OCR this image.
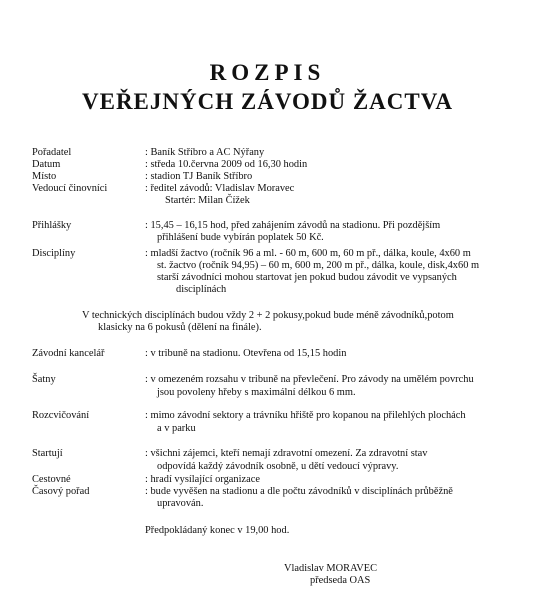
ROZPIS
VEŘEJNÝCH ZÁVODŮ ŽACTVA
Pořadatel	: Baník Stříbro a AC Nýřany
Datum	: středa 10.června 2009 od 16,30 hodin
Místo	: stadion TJ Baník Stříbro
Vedoucí činovníci	: ředitel závodů: Vladislav Moravec
Startér: Milan Čížek
Přihlášky	: 15,45 – 16,15 hod, před zahájením závodů na stadionu. Při pozdějším
přihlášení bude vybírán poplatek 50 Kč.
Disciplíny	: mladší žactvo (ročník 96 a ml. - 60 m, 600 m, 60 m př., dálka, koule, 4x60 m
st. žactvo (ročník 94,95) – 60 m, 600 m, 200 m př., dálka, koule, disk,4x60 m
starší závodníci mohou startovat jen pokud budou závodit ve vypsaných
disciplínách
V technických disciplínách budou vždy 2 + 2 pokusy,pokud bude méně závodníků,potom
klasicky na 6 pokusů (dělení na finále).
Závodní kancelář	: v tribuně na stadionu. Otevřena od 15,15 hodin
Šatny	: v omezeném rozsahu v tribuně na převlečení. Pro závody na umělém povrchu
jsou povoleny hřeby s maximální délkou 6 mm.
Rozcvičování	: mimo závodní sektory a trávníku hřiště pro kopanou na přilehlých plochách
a v parku
Startují	: všichni zájemci, kteří nemají zdravotní omezení. Za zdravotní stav
odpovídá každý závodník osobně, u dětí vedoucí výpravy.
Cestovné	: hradí vysílající organizace
Časový pořad	: bude vyvěšen na stadionu a dle počtu závodníků v disciplínách průběžně
upravován.
Předpokládaný konec v 19,00 hod.
Vladislav MORAVEC
předseda OAS
